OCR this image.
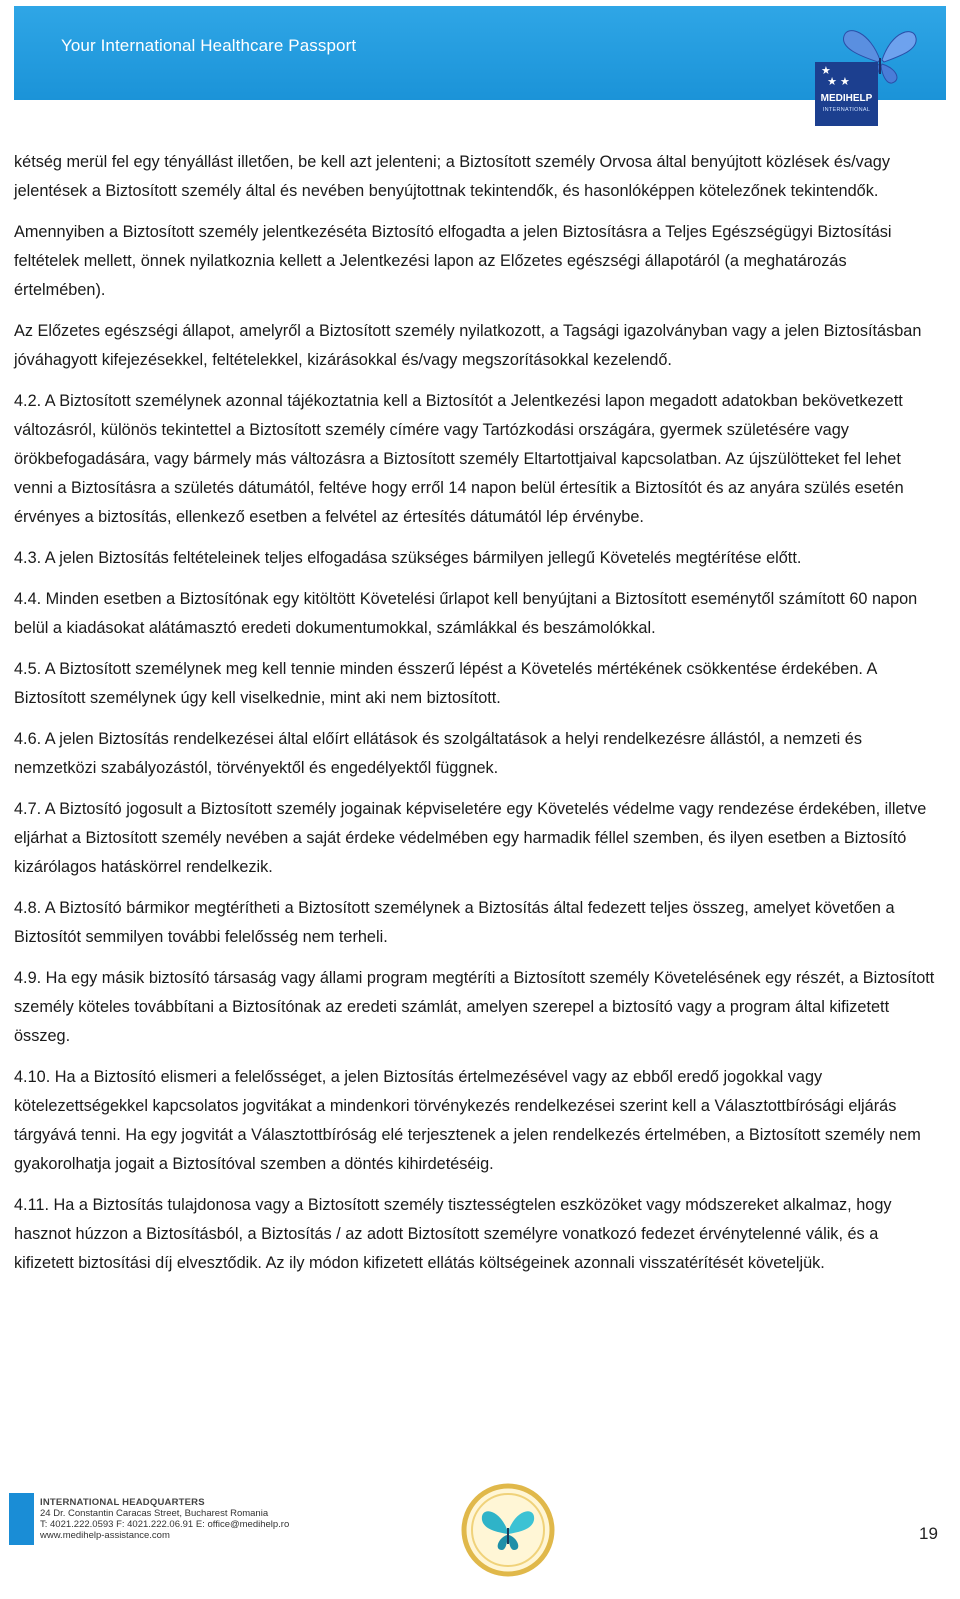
Your International Healthcare Passport
★
★ ★
MEDIHELP
INTERNATIONAL

kétség merül fel egy tényállást illetően, be kell azt jelenteni; a Biztosított személy Orvosa által benyújtott közlések és/vagy jelentések a Biztosított személy által és nevében benyújtottnak tekintendők, és hasonlóképpen kötelezőnek tekintendők.

Amennyiben a Biztosított személy jelentkezéséta Biztosító elfogadta a jelen Biztosításra a Teljes Egészségügyi Biztosítási feltételek mellett, önnek nyilatkoznia kellett a Jelentkezési lapon az Előzetes egészségi állapotáról (a meghatározás értelmében).

Az Előzetes egészségi állapot, amelyről a Biztosított személy nyilatkozott, a Tagsági igazolványban vagy a jelen Biztosításban jóváhagyott kifejezésekkel, feltételekkel, kizárásokkal és/vagy megszorításokkal kezelendő.

4.2. A Biztosított személynek azonnal tájékoztatnia kell a Biztosítót a Jelentkezési lapon megadott adatokban bekövetkezett változásról, különös tekintettel a Biztosított személy címére vagy Tartózkodási országára, gyermek születésére vagy örökbefogadására, vagy bármely más változásra a Biztosított személy Eltartottjaival kapcsolatban. Az újszülötteket fel lehet venni a Biztosításra a születés dátumától, feltéve hogy erről 14 napon belül értesítik a Biztosítót és az anyára szülés esetén érvényes a biztosítás, ellenkező esetben a felvétel az értesítés dátumától lép érvénybe.

4.3. A jelen Biztosítás feltételeinek teljes elfogadása szükséges bármilyen jellegű Követelés megtérítése előtt.

4.4. Minden esetben a Biztosítónak egy kitöltött Követelési űrlapot kell benyújtani a Biztosított eseménytől számított 60 napon belül a kiadásokat alátámasztó eredeti dokumentumokkal, számlákkal és beszámolókkal.

4.5. A Biztosított személynek meg kell tennie minden ésszerű lépést a Követelés mértékének csökkentése érdekében. A Biztosított személynek úgy kell viselkednie, mint aki nem biztosított.

4.6. A jelen Biztosítás rendelkezései által előírt ellátások és szolgáltatások a helyi rendelkezésre állástól, a nemzeti és nemzetközi szabályozástól, törvényektől és engedélyektől függnek.

4.7. A Biztosító jogosult a Biztosított személy jogainak képviseletére egy Követelés védelme vagy rendezése érdekében, illetve eljárhat a Biztosított személy nevében a saját érdeke védelmében egy harmadik féllel szemben, és ilyen esetben a Biztosító kizárólagos hatáskörrel rendelkezik.

4.8. A Biztosító bármikor megtérítheti a Biztosított személynek a Biztosítás által fedezett teljes összeg, amelyet követően a Biztosítót semmilyen további felelősség nem terheli.

4.9. Ha egy másik biztosító társaság vagy állami program megtéríti a Biztosított személy Követelésének egy részét, a Biztosított személy köteles továbbítani a Biztosítónak az eredeti számlát, amelyen szerepel a biztosító vagy a program által kifizetett összeg.

4.10. Ha a Biztosító elismeri a felelősséget, a jelen Biztosítás értelmezésével vagy az ebből eredő jogokkal vagy kötelezettségekkel kapcsolatos jogvitákat a mindenkori törvénykezés rendelkezései szerint kell a Választottbírósági eljárás tárgyává tenni. Ha egy jogvitát a Választottbíróság elé terjesztenek a jelen rendelkezés értelmében, a Biztosított személy nem gyakorolhatja jogait a Biztosítóval szemben a döntés kihirdetéséig.

4.11. Ha a Biztosítás tulajdonosa vagy a Biztosított személy tisztességtelen eszközöket vagy módszereket alkalmaz, hogy hasznot húzzon a Biztosításból, a Biztosítás / az adott Biztosított személyre vonatkozó fedezet érvénytelenné válik, és a kifizetett biztosítási díj elvesztődik. Az ily módon kifizetett ellátás költségeinek azonnali visszatérítését követeljük.

INTERNATIONAL HEADQUARTERS
24 Dr. Constantin Caracas Street, Bucharest Romania
T: 4021.222.0593 F: 4021.222.06.91 E: office@medihelp.ro
www.medihelp-assistance.com	19
